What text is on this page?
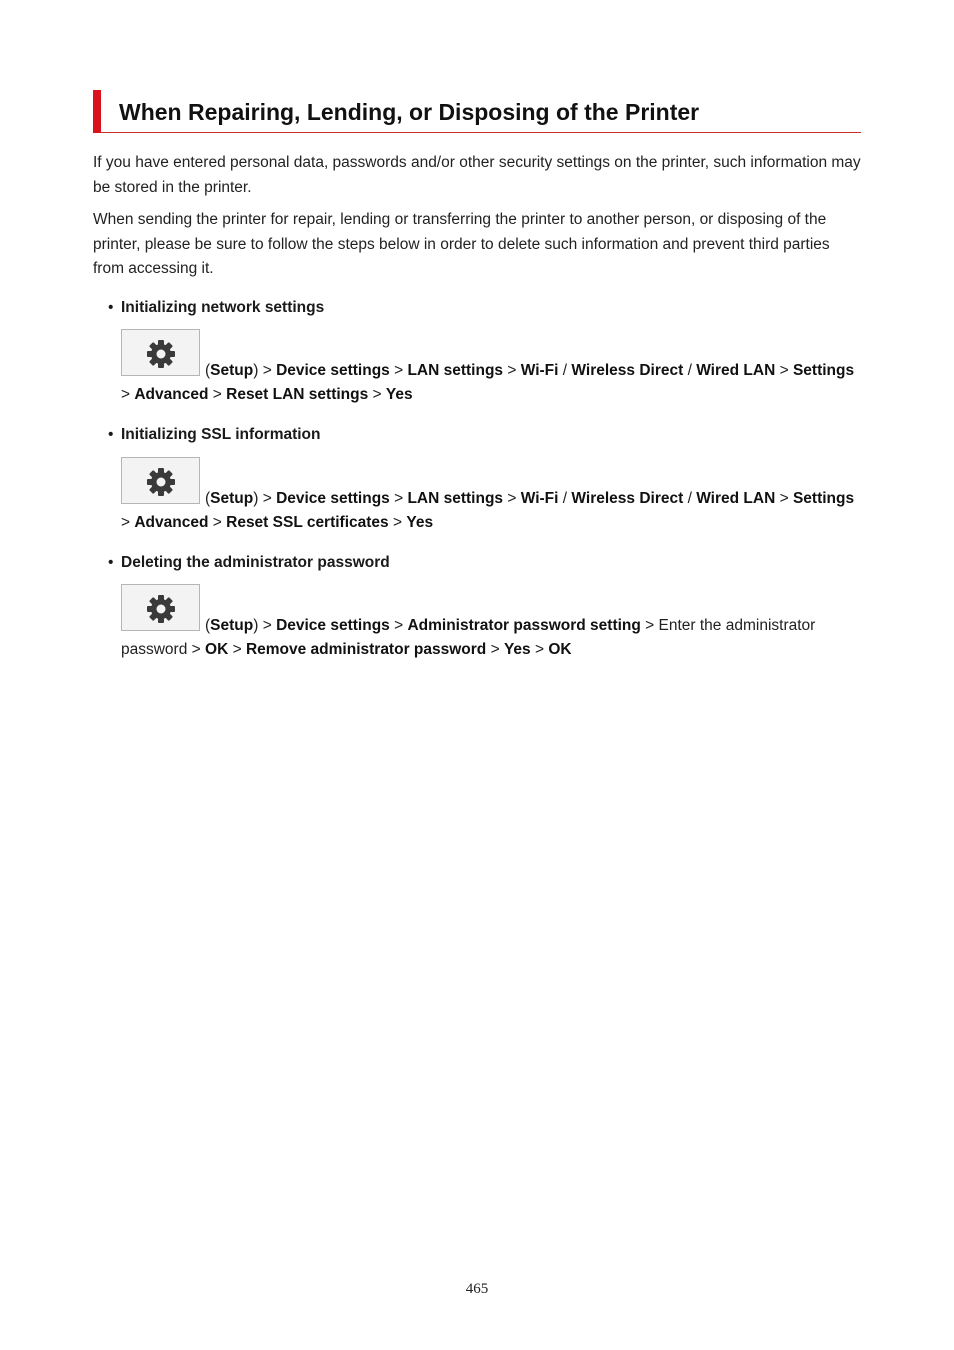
When Repairing, Lending, or Disposing of the Printer

If you have entered personal data, passwords and/or other security settings on the printer, such information may be stored in the printer.

When sending the printer for repair, lending or transferring the printer to another person, or disposing of the printer, please be sure to follow the steps below in order to delete such information and prevent third parties from accessing it.

• Initializing network settings

(Setup) > Device settings > LAN settings > Wi-Fi / Wireless Direct / Wired LAN > Settings > Advanced > Reset LAN settings > Yes

• Initializing SSL information

(Setup) > Device settings > LAN settings > Wi-Fi / Wireless Direct / Wired LAN > Settings > Advanced > Reset SSL certificates > Yes

• Deleting the administrator password

(Setup) > Device settings > Administrator password setting > Enter the administrator password > OK > Remove administrator password > Yes > OK

465
